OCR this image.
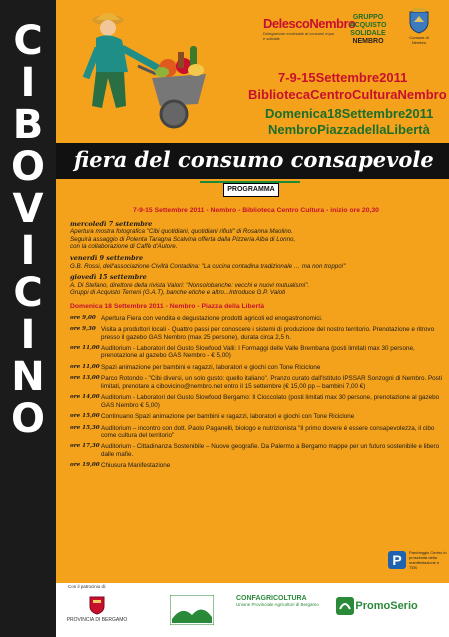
C
I
B
O
V
I
C
I
N
O
DelescoNembro
Delegazione ecclesiale ai consumi equo e solidale
GRUPPO
ACQUISTO
SOLIDALE
NEMBRO
Comune di Nembro
7-9-15Settembre2011
BibliotecaCentroCulturaNembro
Domenica18Settembre2011
NembroPiazzadellaLibertà
fiera del consumo consapevole
PROGRAMMA
7-9-15 Settembre 2011 - Nembro - Biblioteca Centro Cultura - inizio ore 20,30
mercoledì 7 settembre
Apertura mostra fotografica "Cibi quotidiani, quotidiani rifiuti" di Rosanna Maolino.
Seguirà assaggio di Polenta Taragna Scalvina offerta dalla Pizzeria Alba di Lonno,
con la collaborazione di Caffè d'Autore.
venerdì 9 settembre
G.B. Rossi, dell'associazione Civiltà Contadina: "La cucina contadina tradizionale … ma non troppo!"
giovedì 15 settembre
A. Di Stefano, direttore della rivista Valori: "Nonsolobanche: vecchi e nuovi mutualismi".
Gruppi di Acquisto Terreni (G.A.T), banche etiche e altro...Introduce G.P. Valoti
Domenica 18 Settembre 2011 - Nembro - Piazza della Libertà
ore 9,00 Apertura Fiera con vendita e degustazione prodotti agricoli ed enogastronomici.
ore 9,30 Visita a produttori locali - Quattro passi per conoscere i sistemi di produzione del nostro territorio. Prenotazione e ritrovo presso il gazebo GAS Nembro (max 25 persone), durata circa 2,5 h.
ore 11,00 Auditorium - Laboratori del Gusto Slowfood Valli: I Formaggi delle Valle Brembana (posti limitati max 30 persone, prenotazione al gazebo GAS Nembro - € 5,00)
ore 11,00 Spazi animazione per bambini e ragazzi, laboratori e giochi con Tone Riciclone
ore 13,00 Parco Rotondo - "Cibi diversi, un solo gusto: quello italiano". Pranzo curato dall'Istituto IPSSAR Sonzogni di Nembro. Posti limitati, prenotare a cibovicino@nembro.net entro il 15 settembre (€ 15,00 pp – bambini 7,00 €)
ore 14,00 Auditorium - Laboratori del Gusto Slowfood Bergamo: Il Cioccolato (posti limitati max 30 persone, prenotazione al gazebo GAS Nembro € 5,00)
ore 15,00 Continuano Spazi animazione per bambini e ragazzi, laboratori e giochi con Tone Riciclone
ore 15,30 Auditorium – incontro con dott. Paolo Paganelli, biologo e nutrizionista "Il primo dovere è essere consapevolezza, il cibo come cultura del territorio"
ore 17,30 Auditorium - Cittadinanza Sostenibile – Nuove geografie. Da Palermo a Bergamo mappe per un futuro sostenibile e libero dalle mafie.
ore 19,00 Chiusura Manifestazione
P	Parcheggio Centro in prossimità della manifestazione e TEB
Con il patrocinio di:
PROVINCIA DI BERGAMO
CONFAGRICOLTURA
Unione Provinciale Agricoltori di Bergamo	PromoSerio
